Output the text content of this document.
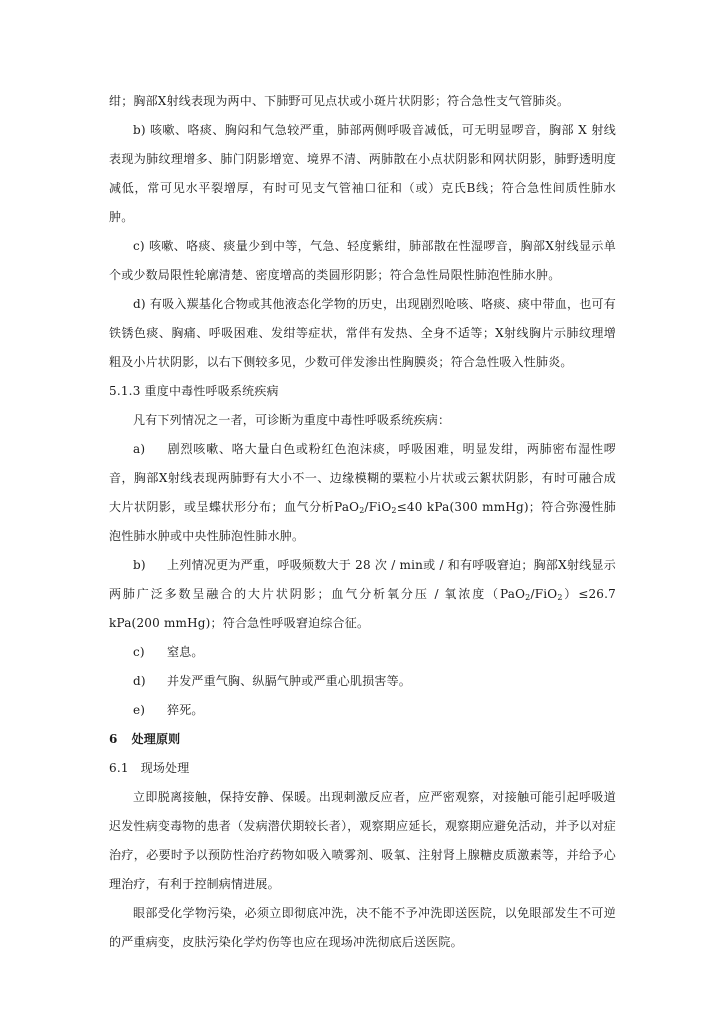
绀；胸部X射线表现为两中、下肺野可见点状或小斑片状阴影；符合急性支气管肺炎。

b) 咳嗽、咯痰、胸闷和气急较严重，肺部两侧呼吸音减低，可无明显啰音，胸部 X 射线表现为肺纹理增多、肺门阴影增宽、境界不清、两肺散在小点状阴影和网状阴影，肺野透明度减低，常可见水平裂增厚，有时可见支气管袖口征和（或）克氏B线；符合急性间质性肺水肿。

c) 咳嗽、咯痰、痰量少到中等，气急、轻度紫绀，肺部散在性湿啰音，胸部X射线显示单个或少数局限性轮廓清楚、密度增高的类圆形阴影；符合急性局限性肺泡性肺水肿。

d) 有吸入羰基化合物或其他液态化学物的历史，出现剧烈呛咳、咯痰、痰中带血，也可有铁锈色痰、胸痛、呼吸困难、发绀等症状，常伴有发热、全身不适等；X射线胸片示肺纹理增粗及小片状阴影，以右下侧较多见，少数可伴发渗出性胸膜炎；符合急性吸入性肺炎。

5.1.3 重度中毒性呼吸系统疾病

凡有下列情况之一者，可诊断为重度中毒性呼吸系统疾病：

a) 剧烈咳嗽、咯大量白色或粉红色泡沫痰，呼吸困难，明显发绀，两肺密布湿性啰音，胸部X射线表现两肺野有大小不一、边缘模糊的粟粒小片状或云絮状阴影，有时可融合成大片状阴影，或呈蝶状形分布；血气分析PaO$_2$/FiO$_2$≤40 kPa(300 mmHg)；符合弥漫性肺泡性肺水肿或中央性肺泡性肺水肿。

b) 上列情况更为严重，呼吸频数大于 28 次 / min或 / 和有呼吸窘迫；胸部X射线显示两肺广泛多数呈融合的大片状阴影；血气分析氧分压 / 氧浓度（PaO$_2$/FiO$_2$）≤26.7 kPa(200 mmHg)；符合急性呼吸窘迫综合征。

c) 窒息。

d) 并发严重气胸、纵膈气肿或严重心肌损害等。

e) 猝死。

6 处理原则

6.1 现场处理

立即脱离接触，保持安静、保暖。出现刺激反应者，应严密观察，对接触可能引起呼吸道迟发性病变毒物的患者（发病潜伏期较长者），观察期应延长，观察期应避免活动，并予以对症治疗，必要时予以预防性治疗药物如吸入喷雾剂、吸氧、注射肾上腺糖皮质激素等，并给予心理治疗，有利于控制病情进展。

眼部受化学物污染，必须立即彻底冲洗，决不能不予冲洗即送医院，以免眼部发生不可逆的严重病变，皮肤污染化学灼伤等也应在现场冲洗彻底后送医院。
